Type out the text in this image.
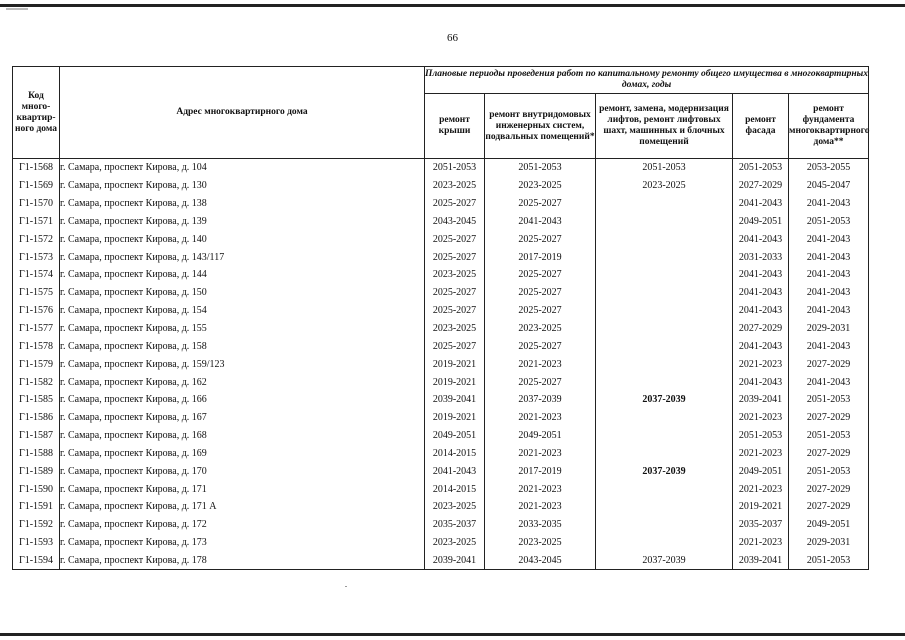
66
Код много-квартир-ного дома	Адрес многоквартирного дома	Плановые периоды проведения работ по капитальному ремонту общего имущества в многоквартирных домах, годы				
		ремонт крыши	ремонт внутридомовых инженерных систем, подвальных помещений*	ремонт, замена, модернизация лифтов, ремонт лифтовых шахт, машинных и блочных помещений	ремонт фасада	ремонт фундамента многоквартирного дома**
Г1-1568	г. Самара, проспект Кирова, д. 104	2051-2053	2051-2053	2051-2053	2051-2053	2053-2055
Г1-1569	г. Самара, проспект Кирова, д. 130	2023-2025	2023-2025	2023-2025	2027-2029	2045-2047
Г1-1570	г. Самара, проспект Кирова, д. 138	2025-2027	2025-2027		2041-2043	2041-2043
Г1-1571	г. Самара, проспект Кирова, д. 139	2043-2045	2041-2043		2049-2051	2051-2053
Г1-1572	г. Самара, проспект Кирова, д. 140	2025-2027	2025-2027		2041-2043	2041-2043
Г1-1573	г. Самара, проспект Кирова, д. 143/117	2025-2027	2017-2019		2031-2033	2041-2043
Г1-1574	г. Самара, проспект Кирова, д. 144	2023-2025	2025-2027		2041-2043	2041-2043
Г1-1575	г. Самара, проспект Кирова, д. 150	2025-2027	2025-2027		2041-2043	2041-2043
Г1-1576	г. Самара, проспект Кирова, д. 154	2025-2027	2025-2027		2041-2043	2041-2043
Г1-1577	г. Самара, проспект Кирова, д. 155	2023-2025	2023-2025		2027-2029	2029-2031
Г1-1578	г. Самара, проспект Кирова, д. 158	2025-2027	2025-2027		2041-2043	2041-2043
Г1-1579	г. Самара, проспект Кирова, д. 159/123	2019-2021	2021-2023		2021-2023	2027-2029
Г1-1582	г. Самара, проспект Кирова, д. 162	2019-2021	2025-2027		2041-2043	2041-2043
Г1-1585	г. Самара, проспект Кирова, д. 166	2039-2041	2037-2039	2037-2039	2039-2041	2051-2053
Г1-1586	г. Самара, проспект Кирова, д. 167	2019-2021	2021-2023		2021-2023	2027-2029
Г1-1587	г. Самара, проспект Кирова, д. 168	2049-2051	2049-2051		2051-2053	2051-2053
Г1-1588	г. Самара, проспект Кирова, д. 169	2014-2015	2021-2023		2021-2023	2027-2029
Г1-1589	г. Самара, проспект Кирова, д. 170	2041-2043	2017-2019	2037-2039	2049-2051	2051-2053
Г1-1590	г. Самара, проспект Кирова, д. 171	2014-2015	2021-2023		2021-2023	2027-2029
Г1-1591	г. Самара, проспект Кирова, д. 171 А	2023-2025	2021-2023		2019-2021	2027-2029
Г1-1592	г. Самара, проспект Кирова, д. 172	2035-2037	2033-2035		2035-2037	2049-2051
Г1-1593	г. Самара, проспект Кирова, д. 173	2023-2025	2023-2025		2021-2023	2029-2031
Г1-1594	г. Самара, проспект Кирова, д. 178	2039-2041	2043-2045	2037-2039	2039-2041	2051-2053
